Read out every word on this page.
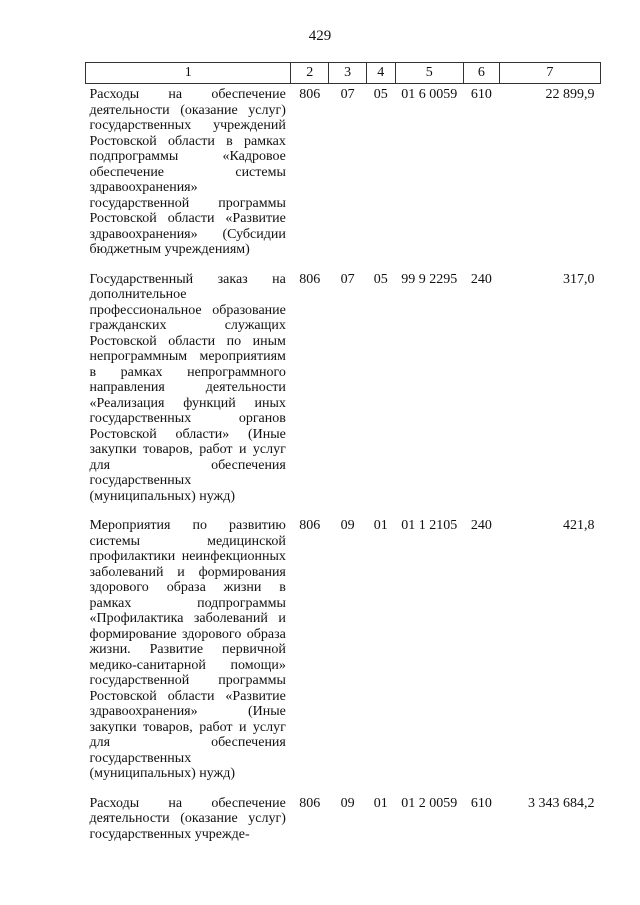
429
1	2	3	4	5	6	7
Расходы на обеспечение деятельности (оказание услуг) государственных учреждений Ростовской области в рамках подпрограммы «Кадровое обеспечение системы здравоохранения» государственной программы Ростовской области «Развитие здравоохранения» (Субсидии бюджетным учреждениям)	806	07	05	01 6 0059	610	22 899,9
Государственный заказ на дополнительное профессиональное образование гражданских служащих Ростовской области по иным непрограммным мероприятиям в рамках непрограммного направления деятельности «Реализация функций иных государственных органов Ростовской области» (Иные закупки товаров, работ и услуг для обеспечения государственных (муниципальных) нужд)	806	07	05	99 9 2295	240	317,0
Мероприятия по развитию системы медицинской профилактики неинфекционных заболеваний и формирования здорового образа жизни в рамках подпрограммы «Профилактика заболеваний и формирование здорового образа жизни. Развитие первичной медико-санитарной помощи» государственной программы Ростовской области «Развитие здравоохранения» (Иные закупки товаров, работ и услуг для обеспечения государственных (муниципальных) нужд)	806	09	01	01 1 2105	240	421,8
Расходы на обеспечение деятельности (оказание услуг) государственных учрежде-	806	09	01	01 2 0059	610	3 343 684,2
